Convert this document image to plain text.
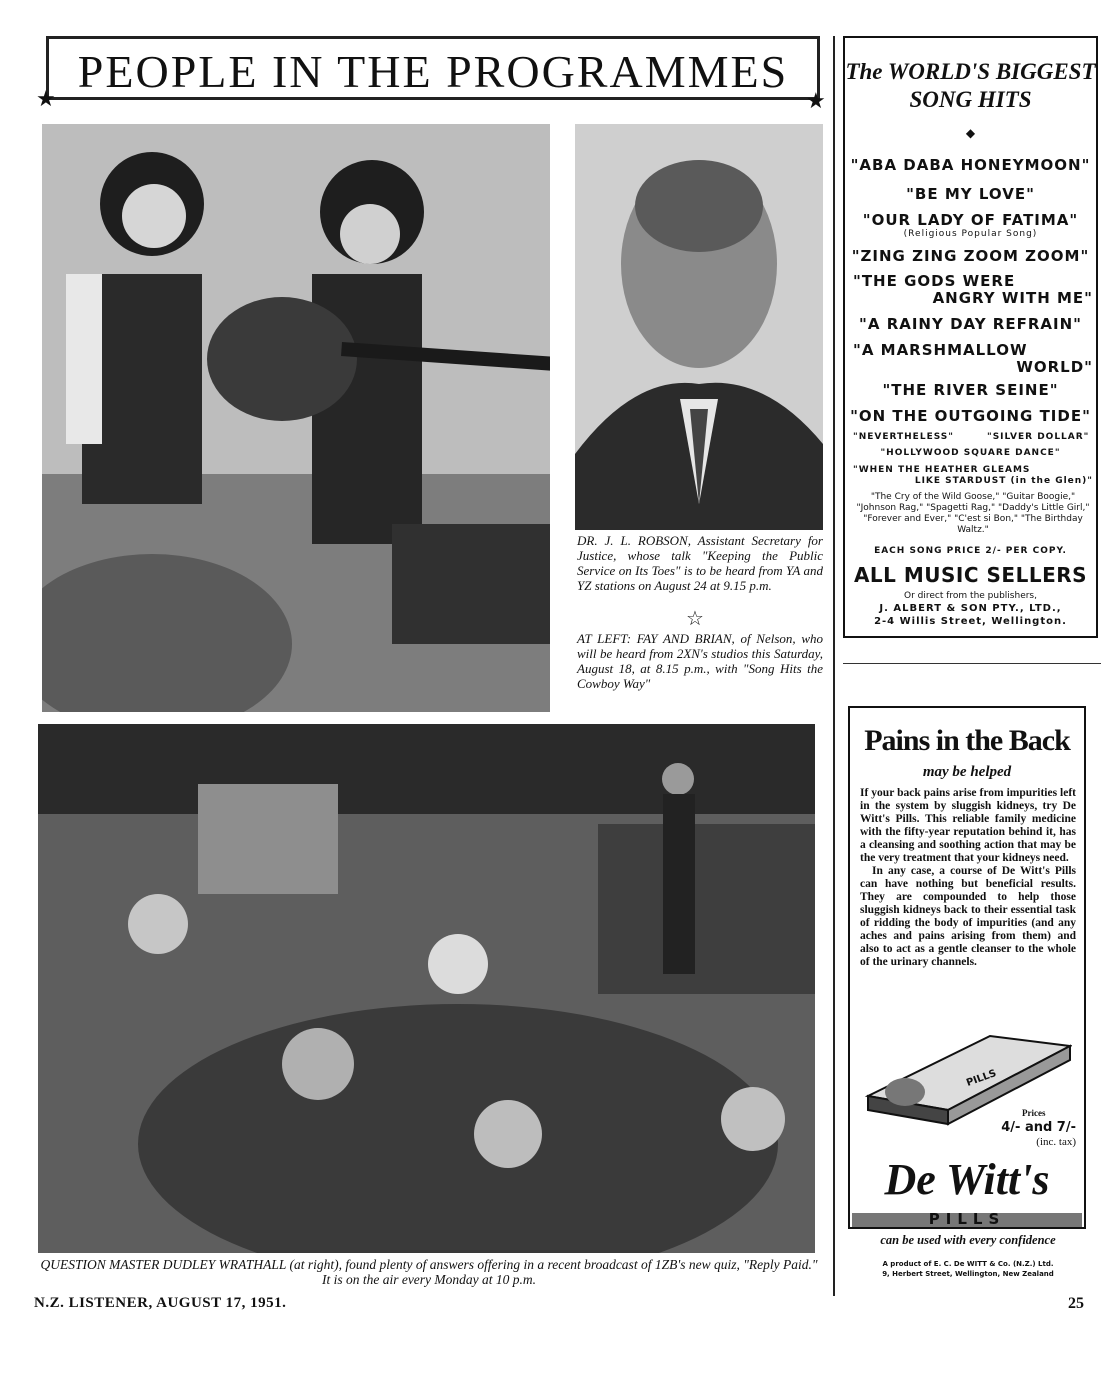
PEOPLE IN THE PROGRAMMES
★	★
DR. J. L. ROBSON, Assistant Secretary for Justice, whose talk "Keeping the Public Service on Its Toes" is to be heard from YA and YZ stations on August 24 at 9.15 p.m.
☆
AT LEFT: FAY AND BRIAN, of Nelson, who will be heard from 2XN's studios this Saturday, August 18, at 8.15 p.m., with "Song Hits the Cowboy Way"
QUESTION MASTER DUDLEY WRATHALL (at right), found plenty of answers offering in a recent broadcast of 1ZB's new quiz, "Reply Paid." It is on the air every Monday at 10 p.m.
The WORLD'S BIGGEST
SONG HITS
◆
"ABA DABA HONEYMOON"
"BE MY LOVE"
"OUR LADY OF FATIMA"
(Religious Popular Song)
"ZING ZING ZOOM ZOOM"
"THE GODS WERE
ANGRY WITH ME"
"A RAINY DAY REFRAIN"
"A MARSHMALLOW
WORLD"
"THE RIVER SEINE"
"ON THE OUTGOING TIDE"
"NEVERTHELESS"	"SILVER DOLLAR"
"HOLLYWOOD SQUARE DANCE"
"WHEN THE HEATHER GLEAMS
LIKE STARDUST (in the Glen)"
"The Cry of the Wild Goose," "Guitar Boogie," "Johnson Rag," "Spagetti Rag," "Daddy's Little Girl," "Forever and Ever," "C'est si Bon," "The Birthday Waltz."
EACH SONG PRICE 2/- PER COPY.
ALL MUSIC SELLERS
Or direct from the publishers,
J. ALBERT & SON PTY., LTD.,
2-4 Willis Street, Wellington.
Pains in the Back
may be helped
If your back pains arise from impurities left in the system by sluggish kidneys, try De Witt's Pills. This reliable family medicine with the fifty-year reputation behind it, has a cleansing and soothing action that may be the very treatment that your kidneys need.
In any case, a course of De Witt's Pills can have nothing but beneficial results. They are compounded to help those sluggish kidneys back to their essential task of ridding the body of impurities (and any aches and pains arising from them) and also to act as a gentle cleanser to the whole of the urinary channels.
PILLS
Prices
4/- and 7/-
(inc. tax)
De Witt's
PILLS
can be used with every confidence
A product of E. C. De WITT & Co. (N.Z.) Ltd.
9, Herbert Street, Wellington, New Zealand
N.Z. LISTENER, AUGUST 17, 1951.	25
